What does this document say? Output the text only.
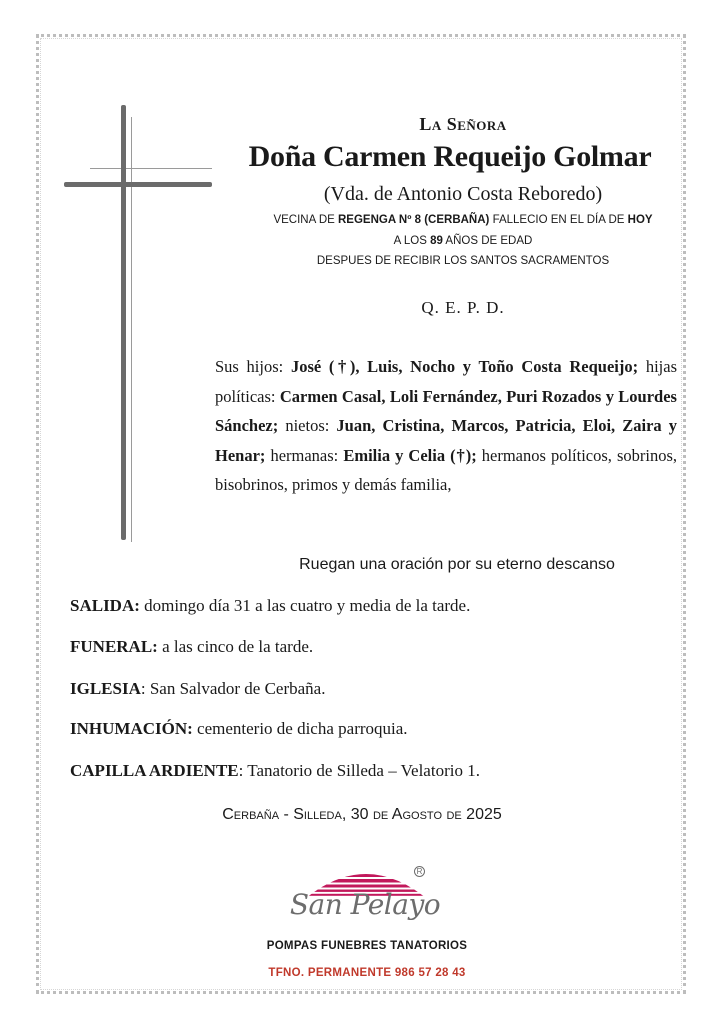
La Señora
Doña Carmen Requeijo Golmar
(Vda. de Antonio Costa Reboredo)
VECINA DE REGENGA Nº 8 (CERBAÑA) FALLECIO EN EL DÍA DE HOY
A LOS 89 AÑOS DE EDAD
DESPUES DE RECIBIR LOS SANTOS SACRAMENTOS
Q. E. P. D.
Sus hijos: José (†), Luis, Nocho y Toño Costa Requeijo; hijas políticas: Carmen Casal, Loli Fernández, Puri Rozados y Lourdes Sánchez; nietos: Juan, Cristina, Marcos, Patricia, Eloi, Zaira y Henar; hermanas: Emilia y Celia (†); hermanos políticos, sobrinos, bisobrinos, primos y demás familia,
Ruegan una oración por su eterno descanso
SALIDA: domingo día 31 a las cuatro y media de la tarde.
FUNERAL: a las cinco de la tarde.
IGLESIA: San Salvador de Cerbaña.
INHUMACIÓN: cementerio de dicha parroquia.
CAPILLA ARDIENTE: Tanatorio de Silleda – Velatorio 1.
Cerbaña - Silleda, 30 de Agosto de 2025
R
San Pelayo
POMPAS FUNEBRES TANATORIOS
TFNO. PERMANENTE 986 57 28 43
